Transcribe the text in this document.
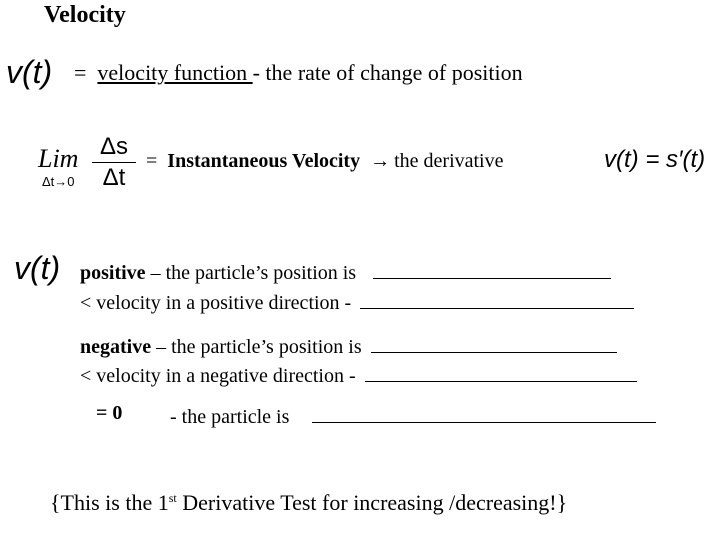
Velocity
v(t) = velocity function - the rate of change of position
Lim
$\Delta t\to 0 \frac{\Delta s}{\Delta t}$ = Instantaneous Velocity → the derivative	v(t) = s′(t)
v(t) positive – the particle’s position is
< velocity in a positive direction -
negative – the particle’s position is
< velocity in a negative direction -
= 0 - the particle is
{This is the 1st Derivative Test for increasing /decreasing!}
